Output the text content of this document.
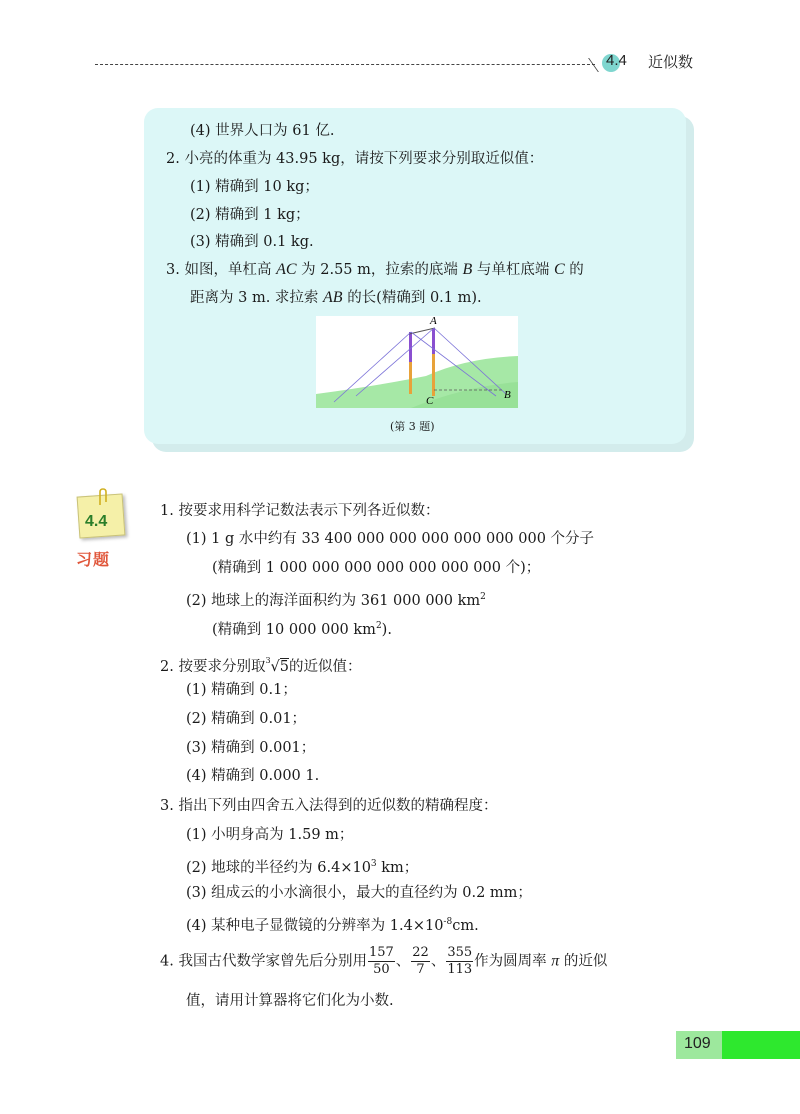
4.4 近似数
(4) 世界人口为 61 亿.
2. 小亮的体重为 43.95 kg，请按下列要求分别取近似值：
(1) 精确到 10 kg；
(2) 精确到 1 kg；
(3) 精确到 0.1 kg.
3. 如图，单杠高 AC 为 2.55 m，拉索的底端 B 与单杠底端 C 的
距离为 3 m. 求拉索 AB 的长(精确到 0.1 m).
A
B
C
(第 3 题)
4.4
习题
1. 按要求用科学记数法表示下列各近似数：
(1) 1 g 水中约有 33 400 000 000 000 000 000 000 个分子
(精确到 1 000 000 000 000 000 000 000 个)；
(2) 地球上的海洋面积约为 361 000 000 $km^2$
(精确到 10 000 000 $km^2$).
2. 按要求分别取$^3$√5的近似值：
(1) 精确到 0.1；
(2) 精确到 0.01；
(3) 精确到 0.001；
(4) 精确到 0.000 1.
3. 指出下列由四舍五入法得到的近似数的精确程度：
(1) 小明身高为 1.59 m；
(2) 地球的半径约为 $6.4\times 10^3$ km；
(3) 组成云的小水滴很小，最大的直径约为 0.2 mm；
(4) 某种电子显微镜的分辨率为 $1.4\times 10^{-8}cm$.
4. 我国古代数学家曾先后分别用 $\frac{157}{50}$ 、 $\frac{22}{7}$ 、 $\frac{355}{113}$ 作为圆周率 π 的近似
值，请用计算器将它们化为小数.
109
